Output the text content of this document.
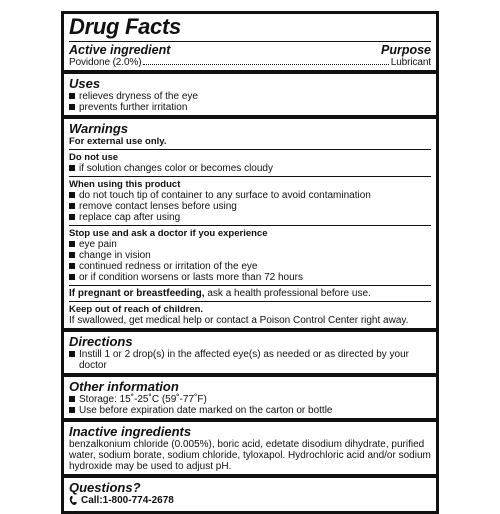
Drug Facts
Active ingredient	Purpose
Povidone (2.0%)	Lubricant
Uses
relieves dryness of the eye
prevents further irritation
Warnings
For external use only.
Do not use
if solution changes color or becomes cloudy
When using this product
do not touch tip of container to any surface to avoid contamination
remove contact lenses before using
replace cap after using
Stop use and ask a doctor if you experience
eye pain
change in vision
continued redness or irritation of the eye
or if condition worsens or lasts more than 72 hours
If pregnant or breastfeeding, ask a health professional before use.
Keep out of reach of children.
If swallowed, get medical help or contact a Poison Control Center right away.
Directions
Instill 1 or 2 drop(s) in the affected eye(s) as needed or as directed by your doctor
Other information
Storage: 15˚-25˚C (59˚-77˚F)
Use before expiration date marked on the carton or bottle
Inactive ingredients
benzalkonium chloride (0.005%), boric acid, edetate disodium dihydrate, purified water, sodium borate, sodium chloride, tyloxapol. Hydrochloric acid and/or sodium hydroxide may be used to adjust pH.
Questions?
Call:1-800-774-2678
